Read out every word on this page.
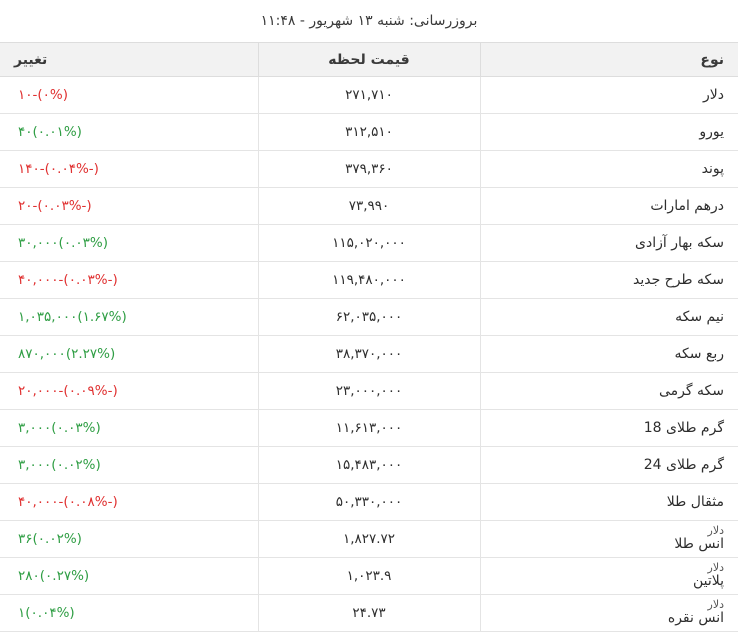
بروزرسانی: شنبه ۱۳ شهریور - ۱۱:۴۸
نوع	قیمت لحظه	تغییر
دلار	۲۷۱,۷۱۰	(۰%)-۱۰
یورو	۳۱۲,۵۱۰	(۰.۰۱%)۴۰
پوند	۳۷۹,۳۶۰	(-۰.۰۴%)-۱۴۰
درهم امارات	۷۳,۹۹۰	(-۰.۰۳%)-۲۰
سکه بهار آزادی	۱۱۵,۰۲۰,۰۰۰	(۰.۰۳%)۳۰,۰۰۰
سکه طرح جدید	۱۱۹,۴۸۰,۰۰۰	(-۰.۰۳%)-۴۰,۰۰۰
نیم سکه	۶۲,۰۳۵,۰۰۰	(۱.۶۷%)۱,۰۳۵,۰۰۰
ربع سکه	۳۸,۳۷۰,۰۰۰	(۲.۲۷%)۸۷۰,۰۰۰
سکه گرمی	۲۳,۰۰۰,۰۰۰	(-۰.۰۹%)-۲۰,۰۰۰
گرم طلای 18	۱۱,۶۱۳,۰۰۰	(۰.۰۳%)۳,۰۰۰
گرم طلای 24	۱۵,۴۸۳,۰۰۰	(۰.۰۲%)۳,۰۰۰
مثقال طلا	۵۰,۳۳۰,۰۰۰	(-۰.۰۸%)-۴۰,۰۰۰

دلار
انس طلا	۱,۸۲۷.۷۲	(۰.۰۲%)۳۶

دلار
پلاتین	۱,۰۲۳.۹	(۰.۲۷%)۲۸۰

دلار
انس نقره	۲۴.۷۳	(۰.۰۴%)۱
